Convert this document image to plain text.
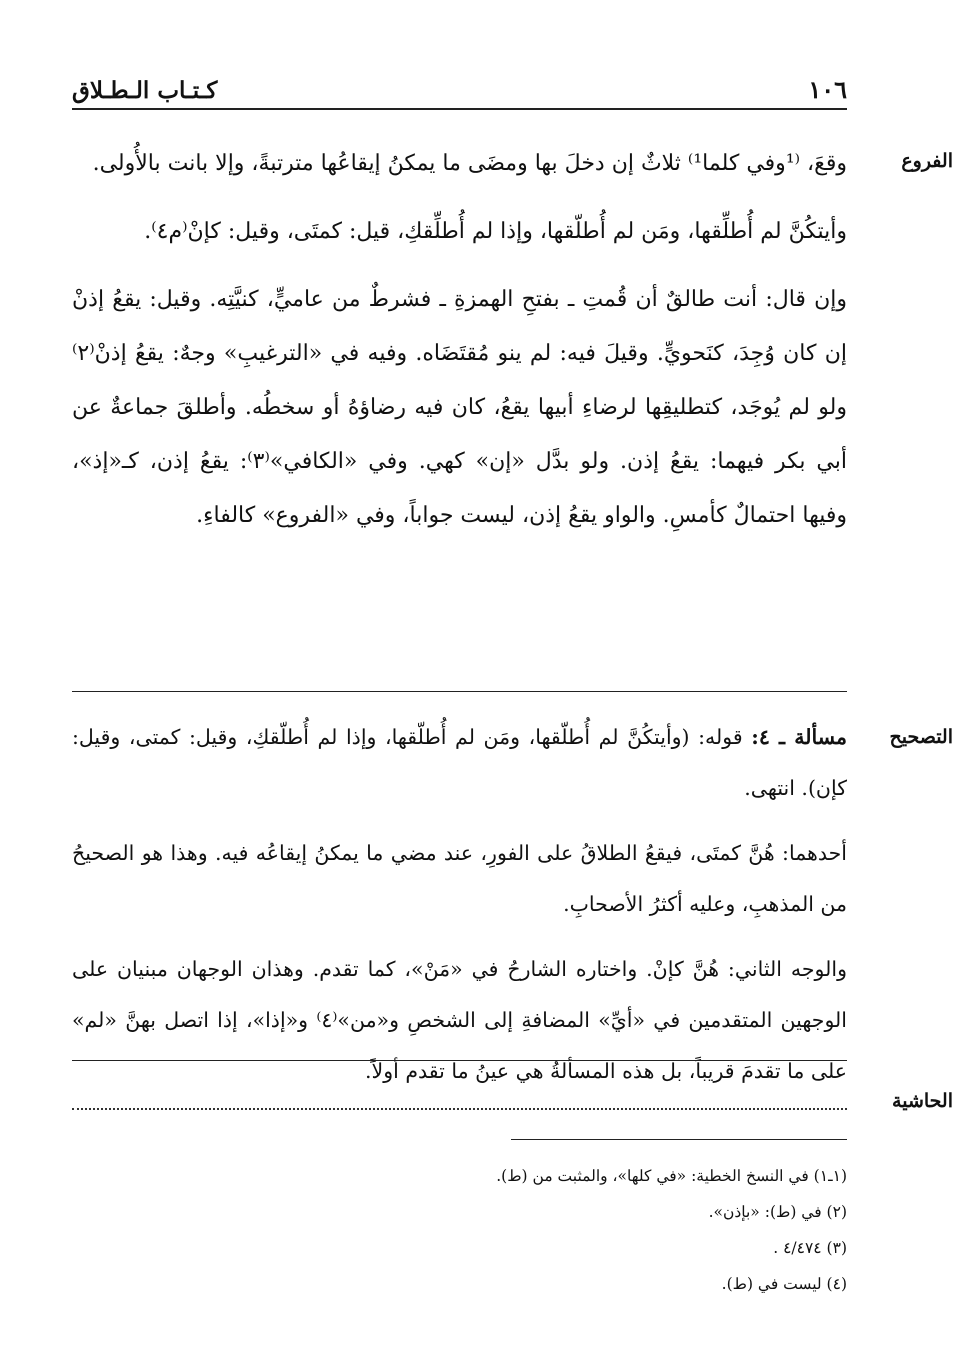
١٠٦
كـتـاب الـطـلاق
الفروع

وقعَ، ⁽¹وفي كلما¹⁾ ثلاثٌ إن دخلَ بها ومضَى ما يمكنُ إيقاعُها مترتبةً، وإلا بانت بالأُولى.

وأيتكُنَّ لم أُطلِّقها، ومَن لم أُطلّقها، وإذا لم أُطلِّقكِ، قيل: كمتَى، وقيل: كإنْ⁽م٤⁾.

وإن قال: أنت طالقٌ أن قُمتِ ـ بفتحِ الهمزةِ ـ فشرطٌ من عاميٍّ، كنيَّتِه. وقيل: يقعُ إذنْ إن كان وُجِدَ، كنَحويٍّ. وقيلَ فيه: لم ينو مُقتَضَاه. وفيه في «الترغيبِ» وجهٌ: يقعُ إذنْ⁽٢⁾ ولو لم يُوجَد، كتطليقِها لرضاءِ أبيها يقعُ، كان فيه رضاؤهُ أو سخطُه. وأطلقَ جماعةٌ عن أبي بكر فيهما: يقعُ إذن. ولو بدَّل «إن» كهي. وفي «الكافي»⁽٣⁾: يقعُ إذن، كـ«إذ»، وفيها احتمالٌ كأمسِ. والواو يقعُ إذن، ليست جواباً، وفي «الفروع» كالفاءِ.

التصحيح

مسألة ـ ٤: قوله: (وأيتكُنَّ لم أُطلّقها، ومَن لم أُطلّقها، وإذا لم أُطلّقكِ، وقيل: كمتى، وقيل: كإن). انتهى.

أحدهما: هُنَّ كمتَى، فيقعُ الطلاقُ على الفورِ، عند مضي ما يمكنُ إيقاعُه فيه. وهذا هو الصحيحُ من المذهبِ، وعليه أكثرُ الأصحابِ.

والوجه الثاني: هُنَّ كإنْ. واختاره الشارحُ في «مَنْ»، كما تقدم. وهذان الوجهان مبنيان على الوجهين المتقدمين في «أيِّ» المضافةِ إلى الشخصِ و«من»⁽٤⁾ و«إذا»، إذا اتصل بهنَّ «لم» على ما تقدمَ قريباً، بل هذه المسألةُ هي عينُ ما تقدم أولاً.

الحاشية
(١ـ١) في النسخ الخطية: «في كلها»، والمثبت من (ط).
(٢) في (ط): «بإذن».
(٣) ٤/٤٧٤ .
(٤) ليست في (ط).
